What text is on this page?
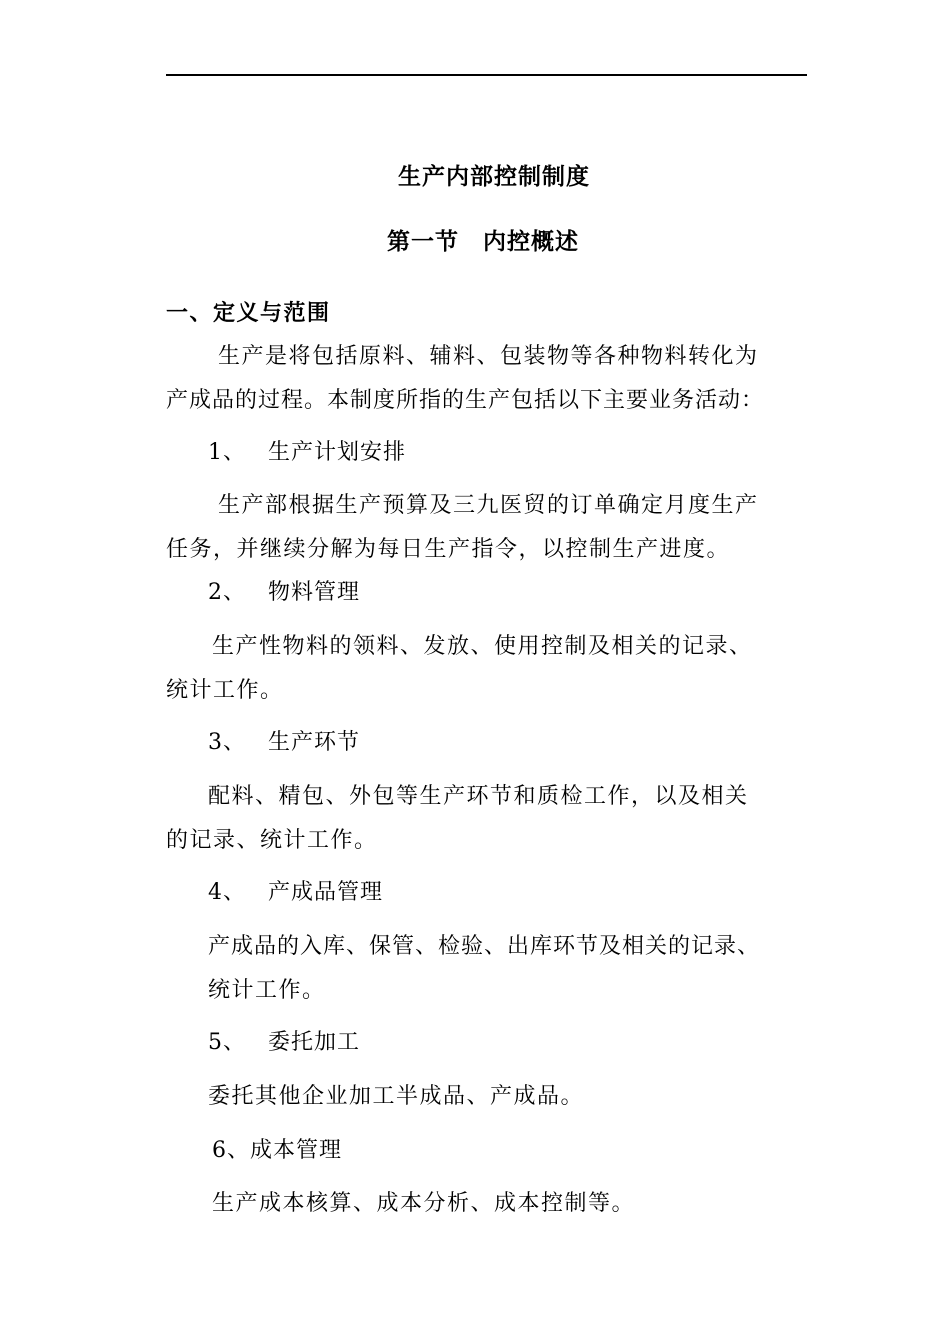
生产内部控制制度
第一节　内控概述
一、定义与范围
生产是将包括原料、辅料、包装物等各种物料转化为
产成品的过程。本制度所指的生产包括以下主要业务活动：
1、 生产计划安排
生产部根据生产预算及三九医贸的订单确定月度生产
任务，并继续分解为每日生产指令，以控制生产进度。
2、 物料管理
生产性物料的领料、发放、使用控制及相关的记录、
统计工作。
3、 生产环节
配料、精包、外包等生产环节和质检工作，以及相关
的记录、统计工作。
4、 产成品管理
产成品的入库、保管、检验、出库环节及相关的记录、
统计工作。
5、 委托加工
委托其他企业加工半成品、产成品。
6、成本管理
生产成本核算、成本分析、成本控制等。
